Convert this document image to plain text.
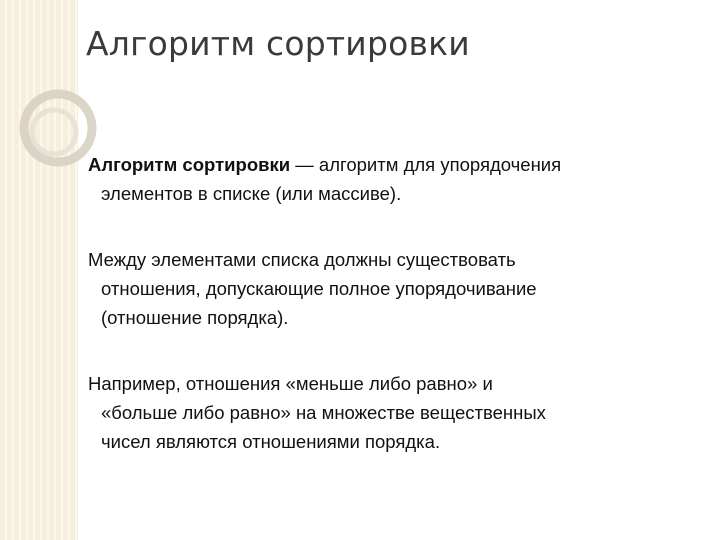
Алгоритм сортировки

Алгоритм сортировки — алгоритм для упорядочения
элементов в списке (или массиве).

Между элементами списка должны существовать
отношения, допускающие полное упорядочивание
(отношение порядка).

Например, отношения «меньше либо равно» и
«больше либо равно» на множестве вещественных
чисел являются отношениями порядка.
